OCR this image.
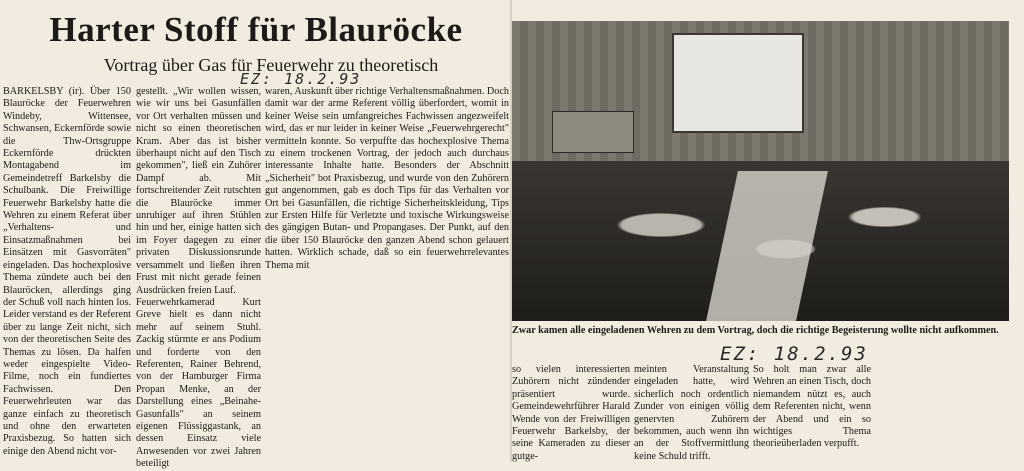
Harter Stoff für Blauröcke
Vortrag über Gas für Feuerwehr zu theoretisch
EZ: 18.2.93
BARKELSBY (ir). Über 150 Blauröcke der Feuerwehren Windeby, Wittensee, Schwansen, Eckernförde sowie die Thw-Ortsgruppe Eckernförde drückten Montagabend im Gemeindetreff Barkelsby die Schulbank. Die Freiwillige Feuerwehr Barkelsby hatte die Wehren zu einem Referat über „Verhaltens- und Einsatzmaßnahmen bei Einsätzen mit Gasvorräten" eingeladen. Das hochexplosive Thema zündete auch bei den Blauröcken, allerdings ging der Schuß voll nach hinten los. Leider verstand es der Referent über zu lange Zeit nicht, sich von der theoretischen Seite des Themas zu lösen. Da halfen weder eingespielte Video-Filme, noch ein fundiertes Fachwissen. Den Feuerwehrleuten war das ganze einfach zu theoretisch und ohne den erwarteten Praxisbezug. So hatten sich einige den Abend nicht vor-
gestellt. „Wir wollen wissen, wie wir uns bei Gasunfällen vor Ort verhalten müssen und nicht so einen theoretischen Kram. Aber das ist bisher überhaupt nicht auf den Tisch gekommen", ließ ein Zuhörer Dampf ab. Mit fortschreitender Zeit rutschten die Blauröcke immer unruhiger auf ihren Stühlen hin und her, einige hatten sich im Foyer dagegen zu einer privaten Diskussionsrunde versammelt und ließen ihren Frust mit nicht gerade feinen Ausdrücken freien Lauf.
Feuerwehrkamerad Kurt Greve hielt es dann nicht mehr auf seinem Stuhl. Zackig stürmte er ans Podium und forderte von den Referenten, Rainer Behrend, von der Hamburger Firma Propan Menke, an der Darstellung eines „Beinahe-Gasunfalls" an seinem eigenen Flüssiggastank, an dessen Einsatz viele Anwesenden vor zwei Jahren beteiligt
waren, Auskunft über richtige Verhaltensmaßnahmen. Doch damit war der arme Referent völlig überfordert, womit in keiner Weise sein umfangreiches Fachwissen angezweifelt wird, das er nur leider in keiner Weise „Feuerwehrgerecht" vermitteln konnte. So verpuffte das hochexplosive Thema zu einem trockenen Vortrag, der jedoch auch durchaus interessante Inhalte hatte. Besonders der Abschnitt „Sicherheit" bot Praxisbezug, und wurde von den Zuhörern gut angenommen, gab es doch Tips für das Verhalten vor Ort bei Gasunfällen, die richtige Sicherheitskleidung, Tips zur Ersten Hilfe für Verletzte und toxische Wirkungsweise des gängigen Butan- und Propangases. Der Punkt, auf den die über 150 Blauröcke den ganzen Abend schon gelauert hatten. Wirklich schade, daß so ein feuerwehrrelevantes Thema mit
Zwar kamen alle eingeladenen Wehren zu dem Vortrag, doch die richtige Begeisterung wollte nicht aufkommen.
EZ: 18.2.93
so vielen interessierten Zuhörern nicht zündender präsentiert wurde. Gemeindewehrführer Harald Wende von der Freiwilligen Feuerwehr Barkelsby, der seine Kameraden zu dieser gutge-
meinten Veranstaltung eingeladen hatte, wird sicherlich noch ordentlich Zunder von einigen völlig genervten Zuhörern bekommen, auch wenn ihn an der Stoffvermittlung keine Schuld trifft.
So holt man zwar alle Wehren an einen Tisch, doch niemandem nützt es, auch dem Referenten nicht, wenn der Abend und ein so wichtiges Thema theorieüberladen verpufft.
